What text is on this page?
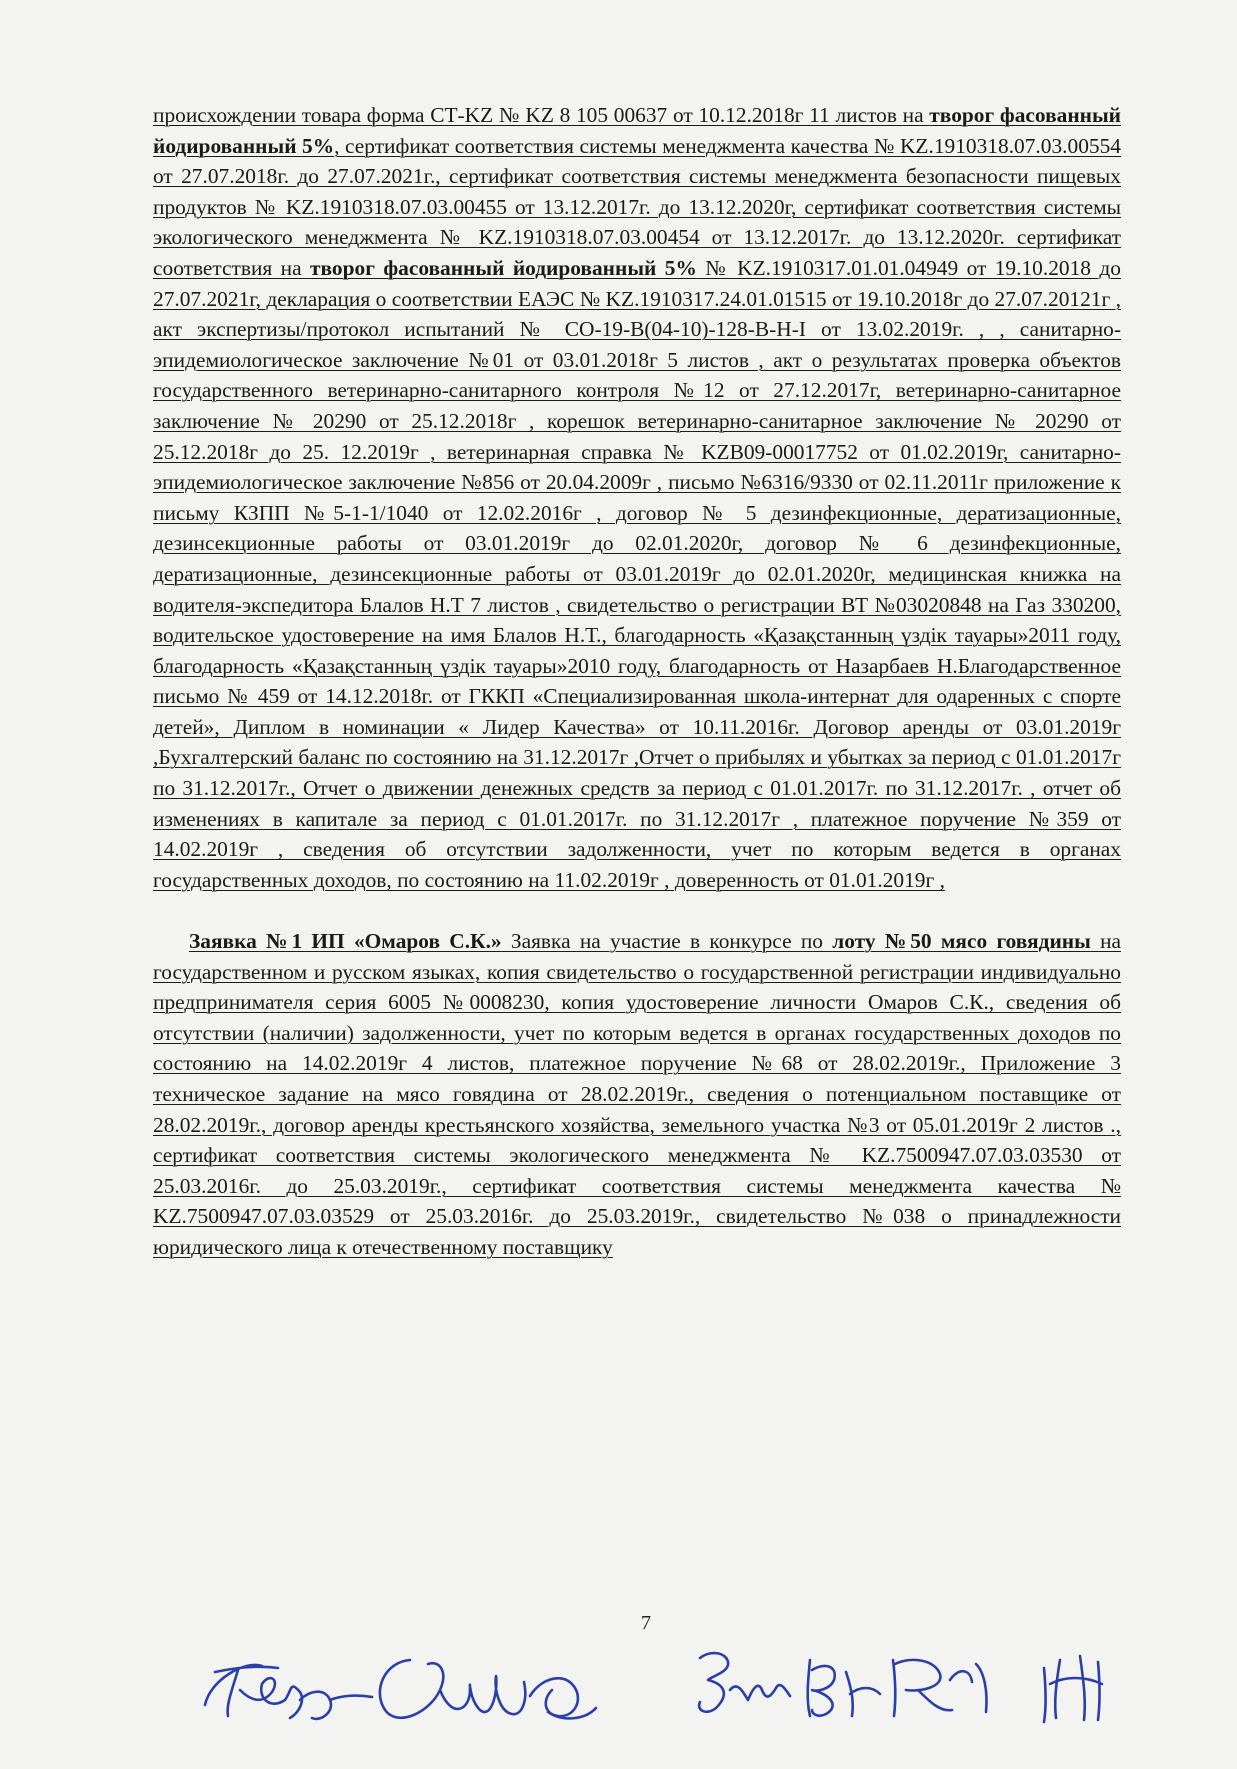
происхождении товара форма СТ-KZ № KZ 8 105 00637 от 10.12.2018г 11 листов на творог фасованный йодированный 5%, сертификат соответствия системы менеджмента качества № KZ.1910318.07.03.00554 от 27.07.2018г. до 27.07.2021г., сертификат соответствия системы менеджмента безопасности пищевых продуктов № KZ.1910318.07.03.00455 от 13.12.2017г. до 13.12.2020г, сертификат соответствия системы экологического менеджмента № KZ.1910318.07.03.00454 от 13.12.2017г. до 13.12.2020г. сертификат соответствия на творог фасованный йодированный 5% № KZ.1910317.01.01.04949 от 19.10.2018 до 27.07.2021г, декларация о соответствии ЕАЭС № KZ.1910317.24.01.01515 от 19.10.2018г до 27.07.20121г , акт экспертизы/протокол испытаний № CO-19-B(04-10)-128-B-H-I от 13.02.2019г. , , санитарно-эпидемиологическое заключение №01 от 03.01.2018г 5 листов , акт о результатах проверка объектов государственного ветеринарно-санитарного контроля №12 от 27.12.2017г, ветеринарно-санитарное заключение № 20290 от 25.12.2018г , корешок ветеринарно-санитарное заключение № 20290 от 25.12.2018г до 25. 12.2019г , ветеринарная справка № KZB09-00017752 от 01.02.2019г, санитарно-эпидемиологическое заключение №856 от 20.04.2009г , письмо №6316/9330 от 02.11.2011г приложение к письму КЗПП №5-1-1/1040 от 12.02.2016г , договор № 5 дезинфекционные, дератизационные, дезинсекционные работы от 03.01.2019г до 02.01.2020г, договор № 6 дезинфекционные, дератизационные, дезинсекционные работы от 03.01.2019г до 02.01.2020г, медицинская книжка на водителя-экспедитора Блалов Н.Т 7 листов , свидетельство о регистрации ВТ №03020848 на Газ 330200, водительское удостоверение на имя Блалов Н.Т., благодарность «Қазақстанның үздік тауары»2011 году, благодарность «Қазақстанның үздік тауары»2010 году, благодарность от Назарбаев Н.Благодарственное письмо № 459 от 14.12.2018г. от ГККП «Специализированная школа-интернат для одаренных с спорте детей», Диплом в номинации « Лидер Качества» от 10.11.2016г. Договор аренды от 03.01.2019г ,Бухгалтерский баланс по состоянию на 31.12.2017г ,Отчет о прибылях и убытках за период с 01.01.2017г по 31.12.2017г., Отчет о движении денежных средств за период с 01.01.2017г. по 31.12.2017г. , отчет об изменениях в капитале за период с 01.01.2017г. по 31.12.2017г , платежное поручение №359 от 14.02.2019г , сведения об отсутствии задолженности, учет по которым ведется в органах государственных доходов, по состоянию на 11.02.2019г , доверенность от 01.01.2019г ,

Заявка №1 ИП «Омаров С.К.» Заявка на участие в конкурсе по лоту №50 мясо говядины на государственном и русском языках, копия свидетельство о государственной регистрации индивидуально предпринимателя серия 6005 №0008230, копия удостоверение личности Омаров С.К., сведения об отсутствии (наличии) задолженности, учет по которым ведется в органах государственных доходов по состоянию на 14.02.2019г 4 листов, платежное поручение №68 от 28.02.2019г., Приложение 3 техническое задание на мясо говядина от 28.02.2019г., сведения о потенциальном поставщике от 28.02.2019г., договор аренды крестьянского хозяйства, земельного участка №3 от 05.01.2019г 2 листов ., сертификат соответствия системы экологического менеджмента № KZ.7500947.07.03.03530 от 25.03.2016г. до 25.03.2019г., сертификат соответствия системы менеджмента качества № KZ.7500947.07.03.03529 от 25.03.2016г. до 25.03.2019г., свидетельство №038 о принадлежности юридического лица к отечественному поставщику

7
